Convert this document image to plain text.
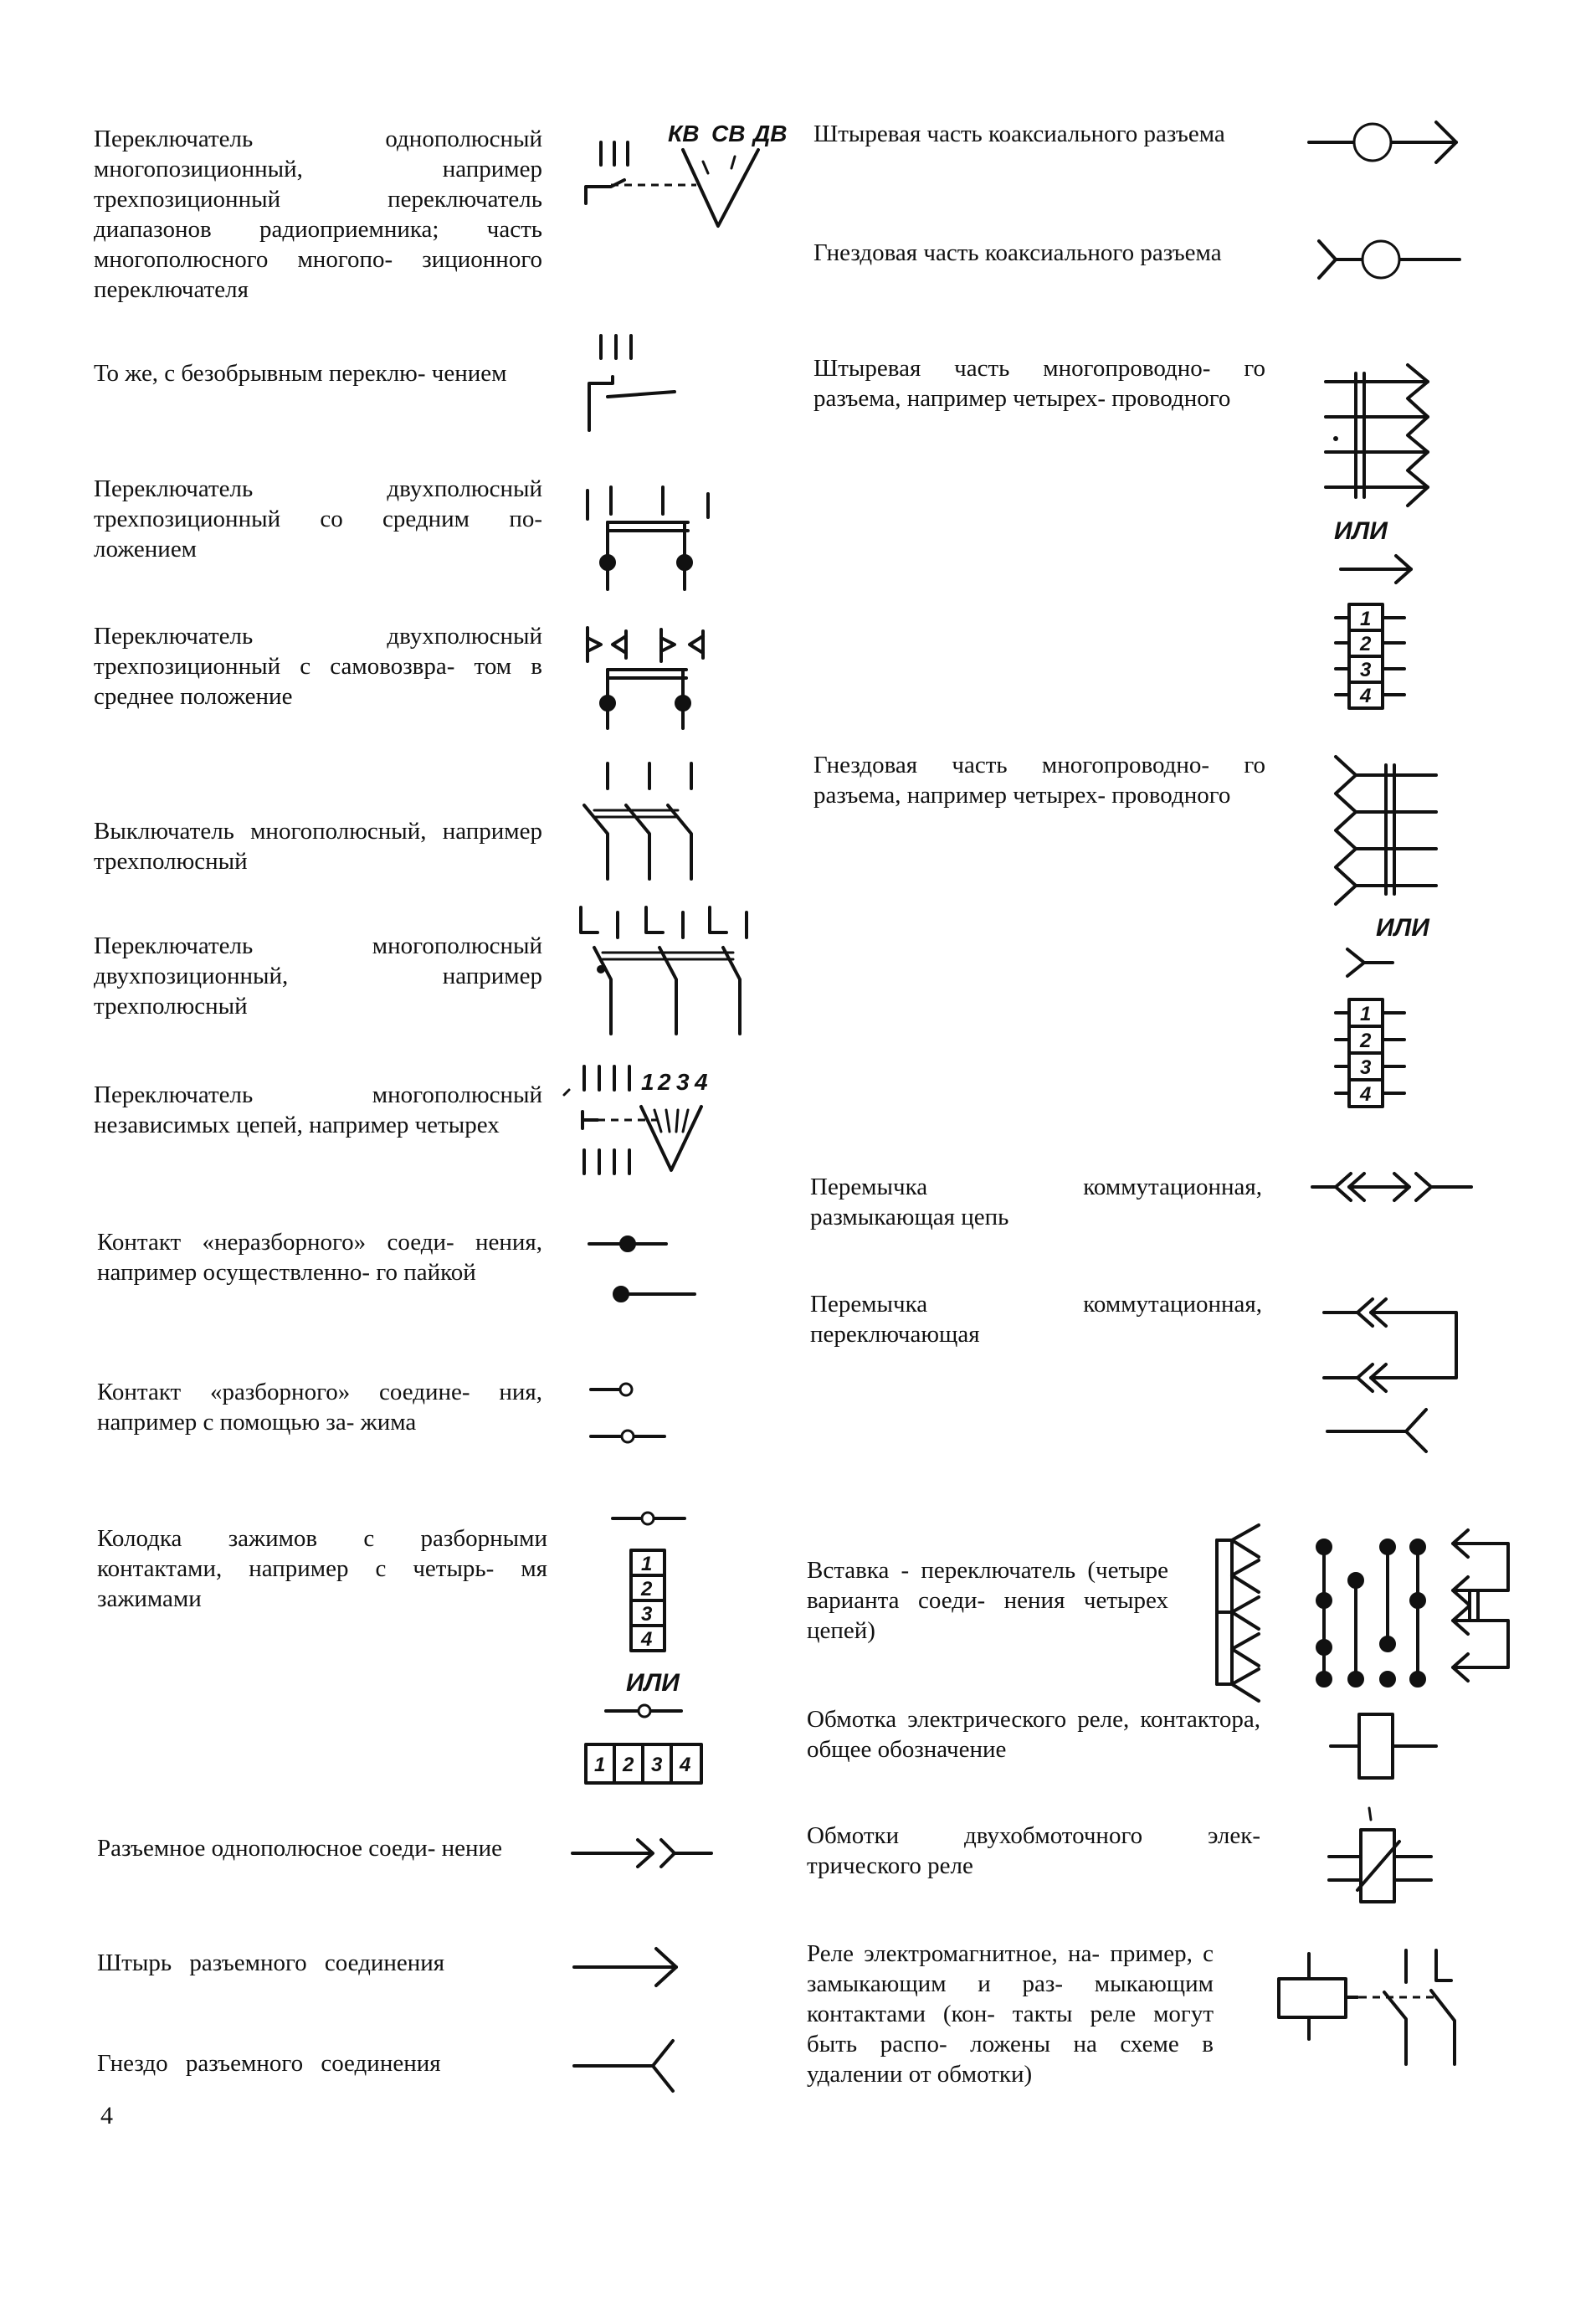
Переключатель однополюсный многопозиционный, например трехпозиционный переключатель диапазонов радиоприемника; часть многополюсного многопо- зиционного переключателя
То же, с безобрывным переклю- чением
Переключатель двухполюсный трехпозиционный со средним по- ложением
Переключатель двухполюсный трехпозиционный с самовозвра- том в среднее положение
Выключатель многополюсный, например трехполюсный
Переключатель многополюсный двухпозиционный, например трехполюсный
Переключатель многополюсный независимых цепей, например четырех
Контакт «неразборного» соеди- нения, например осуществленно- го пайкой
Контакт «разборного» соедине- ния, например с помощью за- жима
Колодка зажимов с разборными контактами, например с четырь- мя зажимами
Разъемное однополюсное соеди- нение
Штырь разъемного соединения
Гнездо разъемного соединения
Штыревая часть коаксиального разъема
Гнездовая часть коаксиального разъема
Штыревая часть многопроводно- го разъема, например четырех- проводного
Гнездовая часть многопроводно- го разъема, например четырех- проводного
Перемычка коммутационная, размыкающая цепь
Перемычка коммутационная, переключающая
Вставка - переключатель (четыре варианта соеди- нения четырех цепей)
Обмотка электрического реле, контактора, общее обозначение
Обмотки двухобмоточного элек- трического реле
Реле электромагнитное, на- пример, с замыкающим и раз- мыкающим контактами (кон- такты реле могут быть распо- ложены на схеме в удалении от обмотки)
КВ СВ ДВ
1 2 3 4
1
2
3
4
ИЛИ
1 2 3 4
ИЛИ
1
2
3
4
ИЛИ
1
2
3
4
4
